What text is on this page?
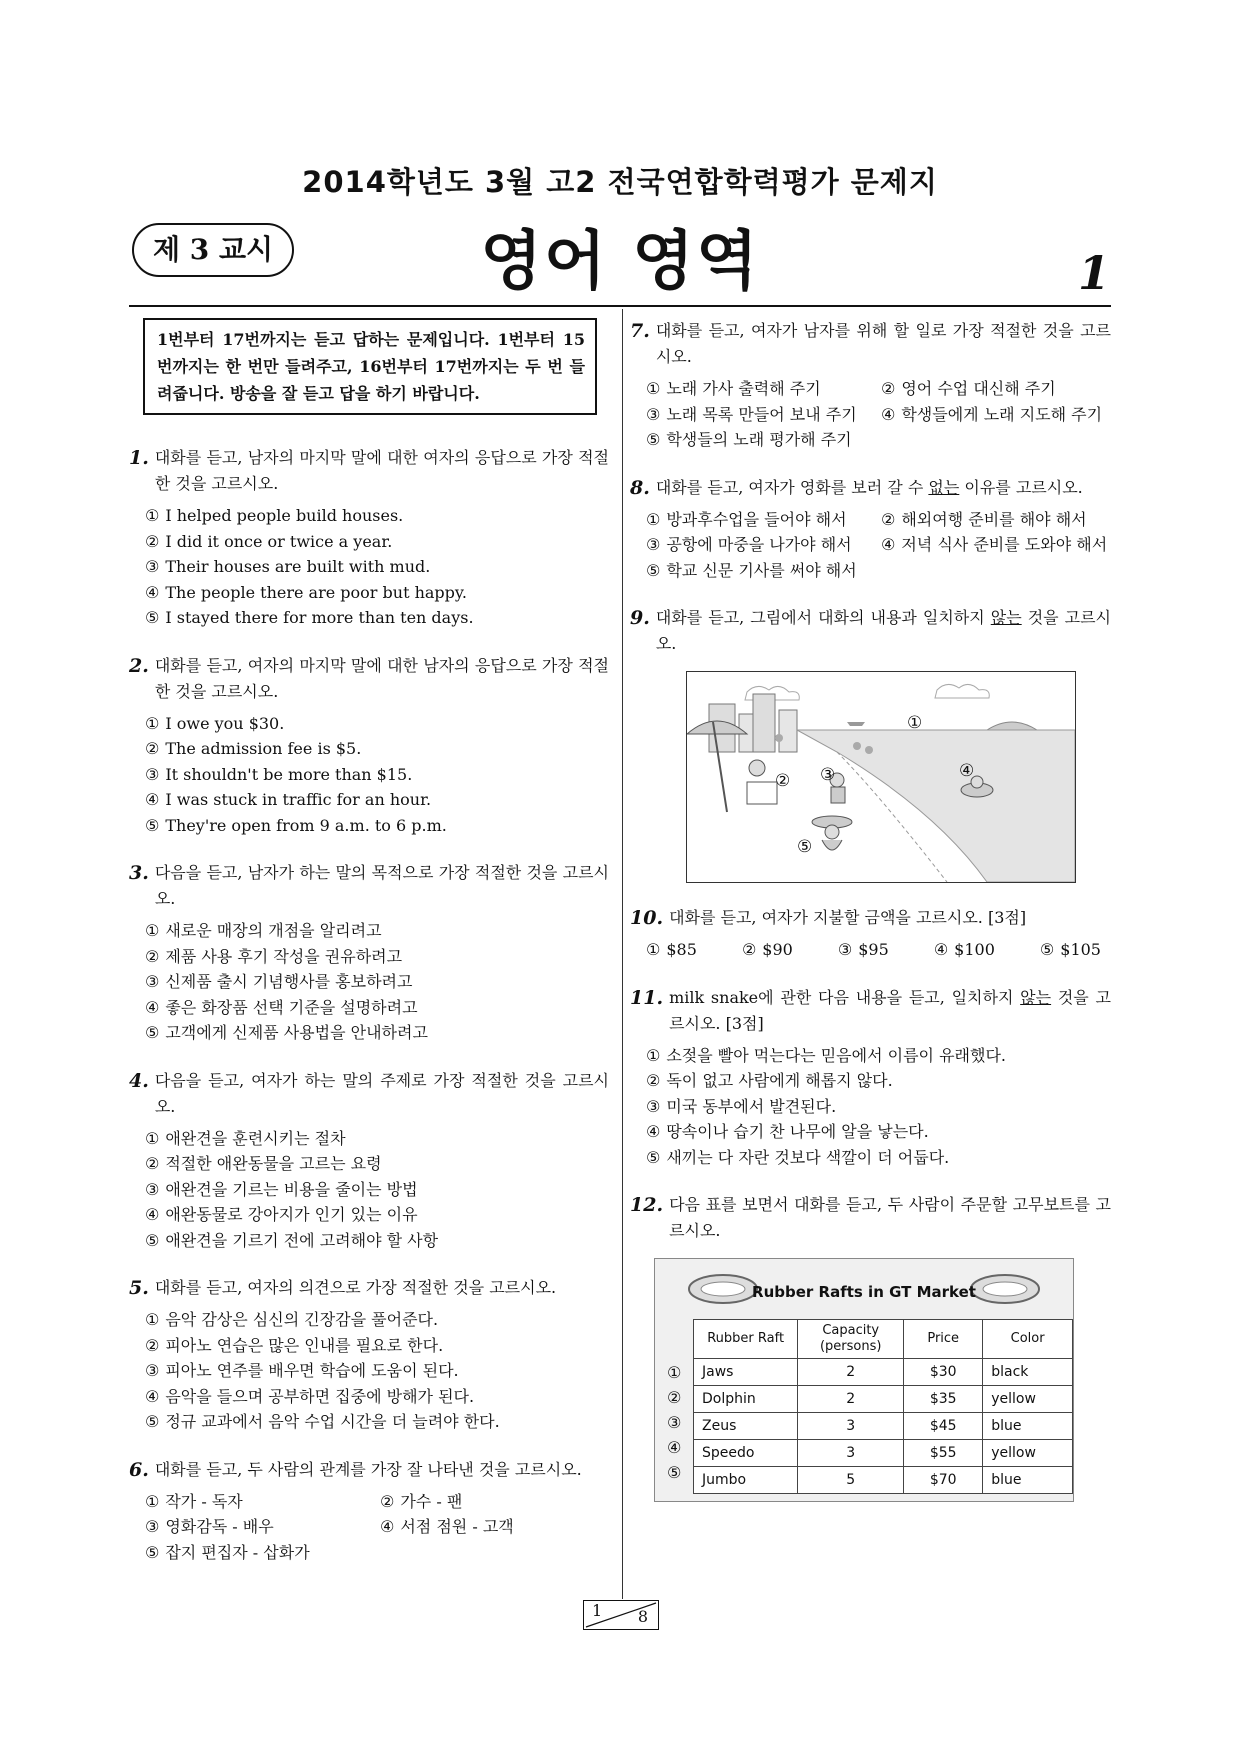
2014학년도 3월 고2 전국연합학력평가 문제지
제 3 교시	영어 영역	1
1번부터 17번까지는 듣고 답하는 문제입니다. 1번부터 15번까지는 한 번만 들려주고, 16번부터 17번까지는 두 번 들려줍니다. 방송을 잘 듣고 답을 하기 바랍니다.
1. 대화를 듣고, 남자의 마지막 말에 대한 여자의 응답으로 가장 적절한 것을 고르시오.
① I helped people build houses.
② I did it once or twice a year.
③ Their houses are built with mud.
④ The people there are poor but happy.
⑤ I stayed there for more than ten days.
2. 대화를 듣고, 여자의 마지막 말에 대한 남자의 응답으로 가장 적절한 것을 고르시오.
① I owe you $30.
② The admission fee is $5.
③ It shouldn't be more than $15.
④ I was stuck in traffic for an hour.
⑤ They're open from 9 a.m. to 6 p.m.
3. 다음을 듣고, 남자가 하는 말의 목적으로 가장 적절한 것을 고르시오.
① 새로운 매장의 개점을 알리려고
② 제품 사용 후기 작성을 권유하려고
③ 신제품 출시 기념행사를 홍보하려고
④ 좋은 화장품 선택 기준을 설명하려고
⑤ 고객에게 신제품 사용법을 안내하려고
4. 다음을 듣고, 여자가 하는 말의 주제로 가장 적절한 것을 고르시오.
① 애완견을 훈련시키는 절차
② 적절한 애완동물을 고르는 요령
③ 애완견을 기르는 비용을 줄이는 방법
④ 애완동물로 강아지가 인기 있는 이유
⑤ 애완견을 기르기 전에 고려해야 할 사항
5. 대화를 듣고, 여자의 의견으로 가장 적절한 것을 고르시오.
① 음악 감상은 심신의 긴장감을 풀어준다.
② 피아노 연습은 많은 인내를 필요로 한다.
③ 피아노 연주를 배우면 학습에 도움이 된다.
④ 음악을 들으며 공부하면 집중에 방해가 된다.
⑤ 정규 교과에서 음악 수업 시간을 더 늘려야 한다.
6. 대화를 듣고, 두 사람의 관계를 가장 잘 나타낸 것을 고르시오.
① 작가 - 독자	② 가수 - 팬
③ 영화감독 - 배우	④ 서점 점원 - 고객
⑤ 잡지 편집자 - 삽화가
7. 대화를 듣고, 여자가 남자를 위해 할 일로 가장 적절한 것을 고르시오.
① 노래 가사 출력해 주기	② 영어 수업 대신해 주기
③ 노래 목록 만들어 보내 주기	④ 학생들에게 노래 지도해 주기
⑤ 학생들의 노래 평가해 주기
8. 대화를 듣고, 여자가 영화를 보러 갈 수 없는 이유를 고르시오.
① 방과후수업을 들어야 해서	② 해외여행 준비를 해야 해서
③ 공항에 마중을 나가야 해서	④ 저녁 식사 준비를 도와야 해서
⑤ 학교 신문 기사를 써야 해서
9. 대화를 듣고, 그림에서 대화의 내용과 일치하지 않는 것을 고르시오.
①
② ③	④
⑤
10. 대화를 듣고, 여자가 지불할 금액을 고르시오. [3점]
① $85	② $90	③ $95	④ $100	⑤ $105
11. milk snake에 관한 다음 내용을 듣고, 일치하지 않는 것을 고르시오. [3점]
① 소젖을 빨아 먹는다는 믿음에서 이름이 유래했다.
② 독이 없고 사람에게 해롭지 않다.
③ 미국 동부에서 발견된다.
④ 땅속이나 습기 찬 나무에 알을 낳는다.
⑤ 새끼는 다 자란 것보다 색깔이 더 어둡다.
12. 다음 표를 보면서 대화를 듣고, 두 사람이 주문할 고무보트를 고르시오.
Rubber Rafts in GT Market
①
②
③
④
⑤
Rubber Raft	Capacity (persons)	Price	Color
Jaws	2	$30	black
Dolphin	2	$35	yellow
Zeus	3	$45	blue
Speedo	3	$55	yellow
Jumbo	5	$70	blue
1 8
